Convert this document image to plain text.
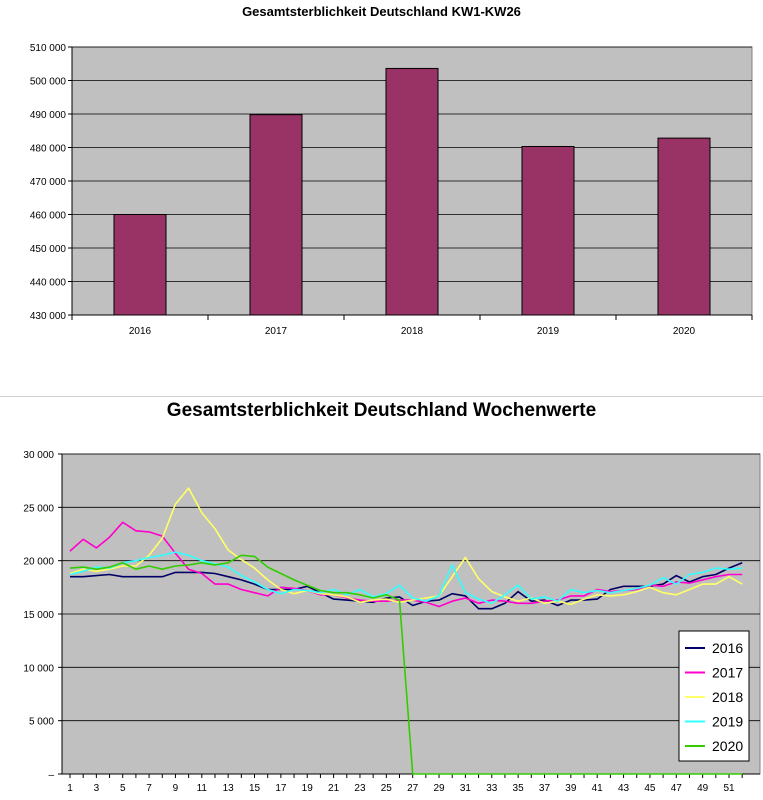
Gesamtsterblichkeit Deutschland KW1-KW26
430 000
440 000
450 000
460 000
470 000
480 000
490 000
500 000
510 000
2016	2017	2018	2019	2020
Gesamtsterblichkeit Deutschland Wochenwerte
–
5 000
10 000
15 000
20 000
25 000
30 000
1 3 5 7 9 11 13 15 17 19 21 23 25 27 29 31 33 35 37 39 41 43 45 47 49 51
2016
2017
2018
2019
2020
